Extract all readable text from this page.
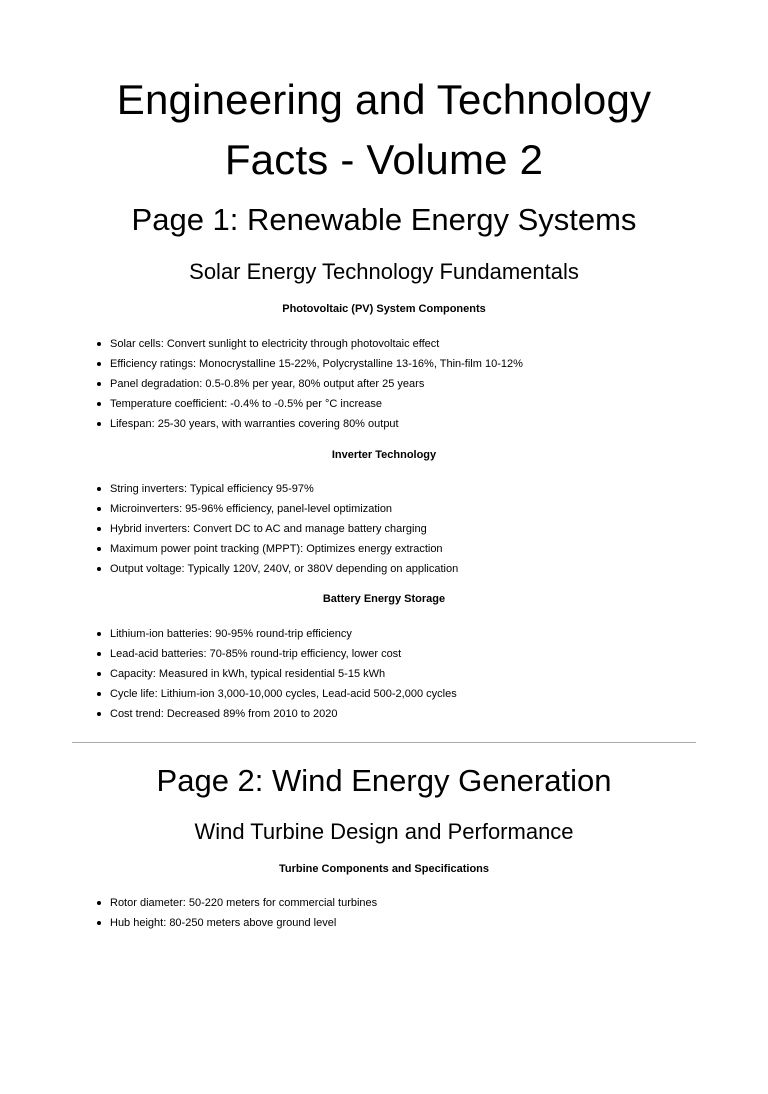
Engineering and Technology Facts - Volume 2
Page 1: Renewable Energy Systems
Solar Energy Technology Fundamentals
Photovoltaic (PV) System Components
Solar cells: Convert sunlight to electricity through photovoltaic effect
Efficiency ratings: Monocrystalline 15-22%, Polycrystalline 13-16%, Thin-film 10-12%
Panel degradation: 0.5-0.8% per year, 80% output after 25 years
Temperature coefficient: -0.4% to -0.5% per °C increase
Lifespan: 25-30 years, with warranties covering 80% output
Inverter Technology
String inverters: Typical efficiency 95-97%
Microinverters: 95-96% efficiency, panel-level optimization
Hybrid inverters: Convert DC to AC and manage battery charging
Maximum power point tracking (MPPT): Optimizes energy extraction
Output voltage: Typically 120V, 240V, or 380V depending on application
Battery Energy Storage
Lithium-ion batteries: 90-95% round-trip efficiency
Lead-acid batteries: 70-85% round-trip efficiency, lower cost
Capacity: Measured in kWh, typical residential 5-15 kWh
Cycle life: Lithium-ion 3,000-10,000 cycles, Lead-acid 500-2,000 cycles
Cost trend: Decreased 89% from 2010 to 2020
Page 2: Wind Energy Generation
Wind Turbine Design and Performance
Turbine Components and Specifications
Rotor diameter: 50-220 meters for commercial turbines
Hub height: 80-250 meters above ground level
